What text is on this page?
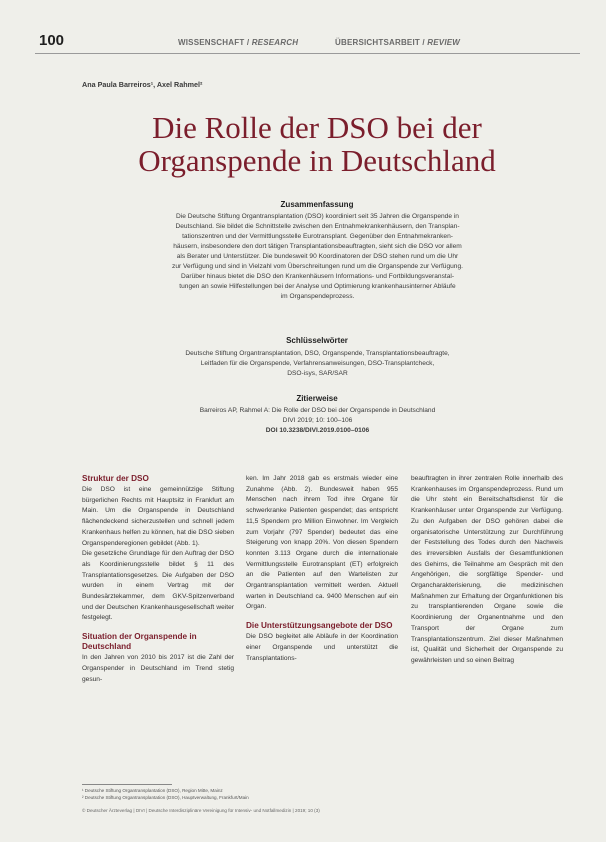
100	WISSENSCHAFT / RESEARCH	ÜBERSICHTSARBEIT / REVIEW
Ana Paula Barreiros¹, Axel Rahmel²
Die Rolle der DSO bei der
Organspende in Deutschland
Zusammenfassung
Die Deutsche Stiftung Organtransplantation (DSO) koordiniert seit 35 Jahren die Organspende in
Deutschland. Sie bildet die Schnittstelle zwischen den Entnahmekrankenhäusern, den Transplan-
tationszentren und der Vermittlungsstelle Eurotransplant. Gegenüber den Entnahmekranken-
häusern, insbesondere den dort tätigen Transplantationsbeauftragten, sieht sich die DSO vor allem
als Berater und Unterstützer. Die bundesweit 90 Koordinatoren der DSO stehen rund um die Uhr
zur Verfügung und sind in Vielzahl vom Überschreitungen rund um die Organspende zur Verfügung.
Darüber hinaus bietet die DSO den Krankenhäusern Informations- und Fortbildungsveranstal-
tungen an sowie Hilfestellungen bei der Analyse und Optimierung krankenhausinterner Abläufe
im Organspendeprozess.
Schlüsselwörter
Deutsche Stiftung Organtransplantation, DSO, Organspende, Transplantationsbeauftragte,
Leitfaden für die Organspende, Verfahrensanweisungen, DSO-Transplantcheck,
DSO-isys, SAR/SAR
Zitierweise
Barreiros AP, Rahmel A: Die Rolle der DSO bei der Organspende in Deutschland
DIVI 2019; 10: 100–106
DOI 10.3238/DIVI.2019.0100–0106
Struktur der DSO

Die DSO ist eine gemeinnützige Stiftung bürgerlichen Rechts mit Hauptsitz in Frankfurt am Main. Um die Organspende in Deutschland flächendeckend sicherzustellen und schnell jedem Krankenhaus helfen zu können, hat die DSO sieben Organspenderegionen gebildet (Abb. 1).

Die gesetzliche Grundlage für den Auftrag der DSO als Koordinierungsstelle bildet § 11 des Transplantationsgesetzes. Die Aufgaben der DSO wurden in einem Vertrag mit der Bundesärztekammer, dem GKV-Spitzenverband und der Deutschen Krankenhausgesellschaft weiter festgelegt.

Situation der Organspende in Deutschland

In den Jahren von 2010 bis 2017 ist die Zahl der Organspender in Deutschland im Trend stetig gesun-

ken. Im Jahr 2018 gab es erstmals wieder eine Zunahme (Abb. 2). Bundesweit haben 955 Menschen nach ihrem Tod ihre Organe für schwerkranke Patienten gespendet; das entspricht 11,5 Spendern pro Million Einwohner. Im Vergleich zum Vorjahr (797 Spender) bedeutet das eine Steigerung von knapp 20%. Von diesen Spendern konnten 3.113 Organe durch die internationale Vermittlungsstelle Eurotransplant (ET) erfolgreich an die Patienten auf den Wartelisten zur Organtransplantation vermittelt werden. Aktuell warten in Deutschland ca. 9400 Menschen auf ein Organ.

Die Unterstützungsangebote der DSO

Die DSO begleitet alle Abläufe in der Koordination einer Organspende und unterstützt die Transplantations-

beauftragten in ihrer zentralen Rolle innerhalb des Krankenhauses im Organspendeprozess. Rund um die Uhr steht ein Bereitschaftsdienst für die Krankenhäuser unter Organspende zur Verfügung. Zu den Aufgaben der DSO gehören dabei die organisatorische Unterstützung zur Durchführung der Feststellung des Todes durch den Nachweis des irreversiblen Ausfalls der Gesamtfunktionen des Gehirns, die Teilnahme am Gespräch mit den Angehörigen, die sorgfältige Spender- und Organcharakterisierung, die medizinischen Maßnahmen zur Erhaltung der Organfunktionen bis zu transplantierenden Organe sowie die Koordinierung der Organentnahme und den Transport der Organe zum Transplantationszentrum. Ziel dieser Maßnahmen ist, Qualität und Sicherheit der Organspende zu gewährleisten und so einen Beitrag

¹ Deutsche Stiftung Organtransplantation (DSO), Region Mitte, Mainz
² Deutsche Stiftung Organtransplantation (DSO), Hauptverwaltung, Frankfurt/Main
© Deutscher Ärzteverlag | DIVI | Deutsche Interdisziplinäre Vereinigung für Intensiv- und Notfallmedizin | 2019; 10 (3)
